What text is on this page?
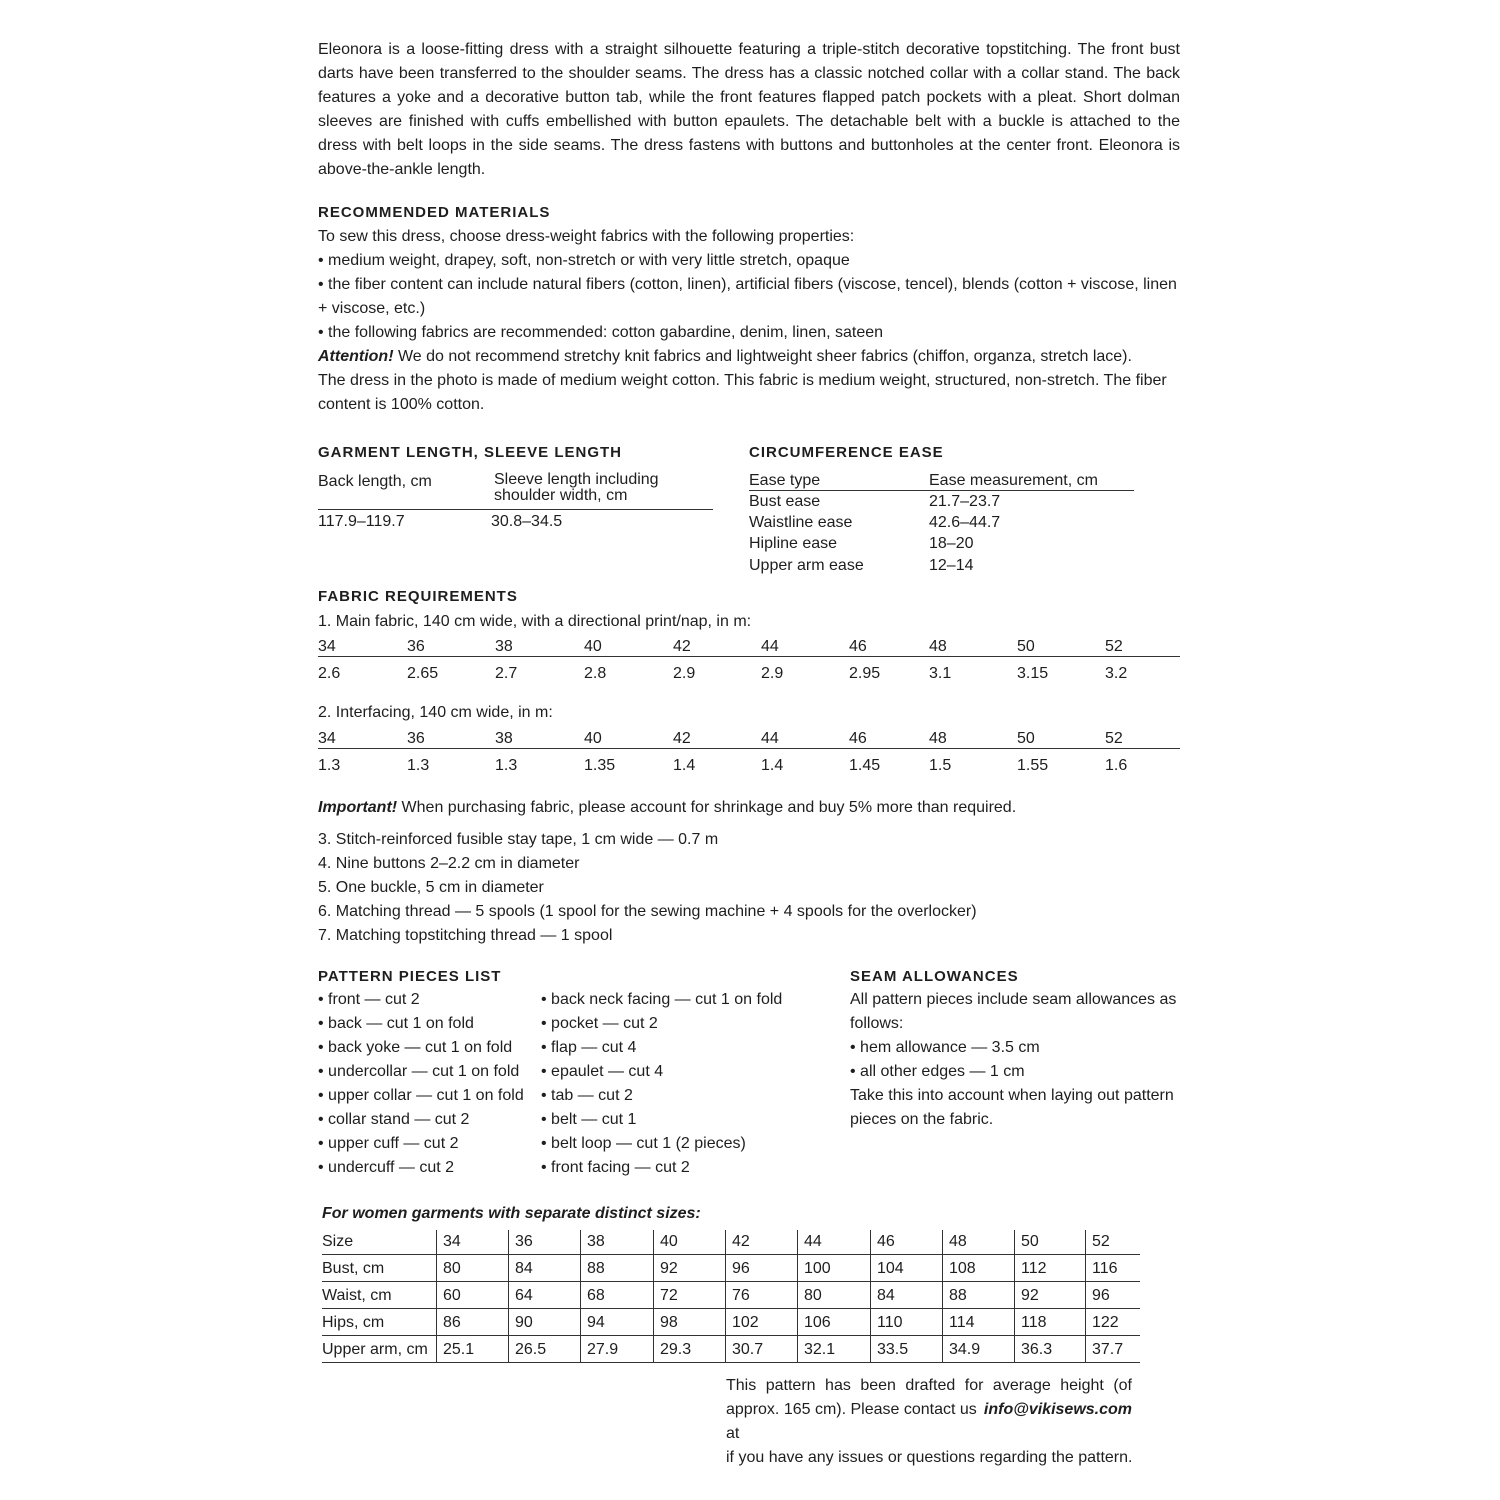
Eleonora is a loose-fitting dress with a straight silhouette featuring a triple-stitch decorative topstitching. The front bust darts have been transferred to the shoulder seams. The dress has a classic notched collar with a collar stand. The back features a yoke and a decorative button tab, while the front features flapped patch pockets with a pleat. Short dolman sleeves are finished with cuffs embellished with button epaulets. The detachable belt with a buckle is attached to the dress with belt loops in the side seams. The dress fastens with buttons and buttonholes at the center front. Eleonora is above-the-ankle length.

RECOMMENDED MATERIALS
To sew this dress, choose dress-weight fabrics with the following properties:
• medium weight, drapey, soft, non-stretch or with very little stretch, opaque
• the fiber content can include natural fibers (cotton, linen), artificial fibers (viscose, tencel), blends (cotton + viscose, linen + viscose, etc.)
• the following fabrics are recommended: cotton gabardine, denim, linen, sateen
Attention! We do not recommend stretchy knit fabrics and lightweight sheer fabrics (chiffon, organza, stretch lace).
The dress in the photo is made of medium weight cotton. This fabric is medium weight, structured, non-stretch. The fiber content is 100% cotton.
GARMENT LENGTH, SLEEVE LENGTH
Back length, cm	Sleeve length including
shoulder width, cm
117.9–119.7	30.8–34.5
CIRCUMFERENCE EASE
Ease type	Ease measurement, cm
Bust ease	21.7–23.7
Waistline ease	42.6–44.7
Hipline ease	18–20
Upper arm ease	12–14
FABRIC REQUIREMENTS
1. Main fabric, 140 cm wide, with a directional print/nap, in m:
34	36	38	40	42	44	46	48	50	52
2.6	2.65	2.7	2.8	2.9	2.9	2.95	3.1	3.15	3.2
2. Interfacing, 140 cm wide, in m:
34	36	38	40	42	44	46	48	50	52
1.3	1.3	1.3	1.35	1.4	1.4	1.45	1.5	1.55	1.6
Important! When purchasing fabric, please account for shrinkage and buy 5% more than required.
3. Stitch-reinforced fusible stay tape, 1 cm wide — 0.7 m
4. Nine buttons 2–2.2 cm in diameter
5. One buckle, 5 cm in diameter
6. Matching thread — 5 spools (1 spool for the sewing machine + 4 spools for the overlocker)
7. Matching topstitching thread — 1 spool
PATTERN PIECES LIST
• front — cut 2
• back — cut 1 on fold
• back yoke — cut 1 on fold
• undercollar — cut 1 on fold
• upper collar — cut 1 on fold
• collar stand — cut 2
• upper cuff — cut 2
• undercuff — cut 2
• back neck facing — cut 1 on fold
• pocket — cut 2
• flap — cut 4
• epaulet — cut 4
• tab — cut 2
• belt — cut 1
• belt loop — cut 1 (2 pieces)
• front facing — cut 2
SEAM ALLOWANCES
All pattern pieces include seam allowances as
follows:
• hem allowance — 3.5 cm
• all other edges — 1 cm
Take this into account when laying out pattern
pieces on the fabric.
For women garments with separate distinct sizes:
Size	34	36	38	40	42	44	46	48	50	52
Bust, cm	80	84	88	92	96	100	104	108	112	116
Waist, cm	60	64	68	72	76	80	84	88	92	96
Hips, cm	86	90	94	98	102	106	110	114	118	122
Upper arm, cm 25.1	26.5	27.9	29.3	30.7	32.1	33.5	34.9	36.3 37.7
This pattern has been drafted for average height (of
approx. 165 cm). Please contact us at
info@vikisews.com
if you have any issues or questions regarding the pattern.
